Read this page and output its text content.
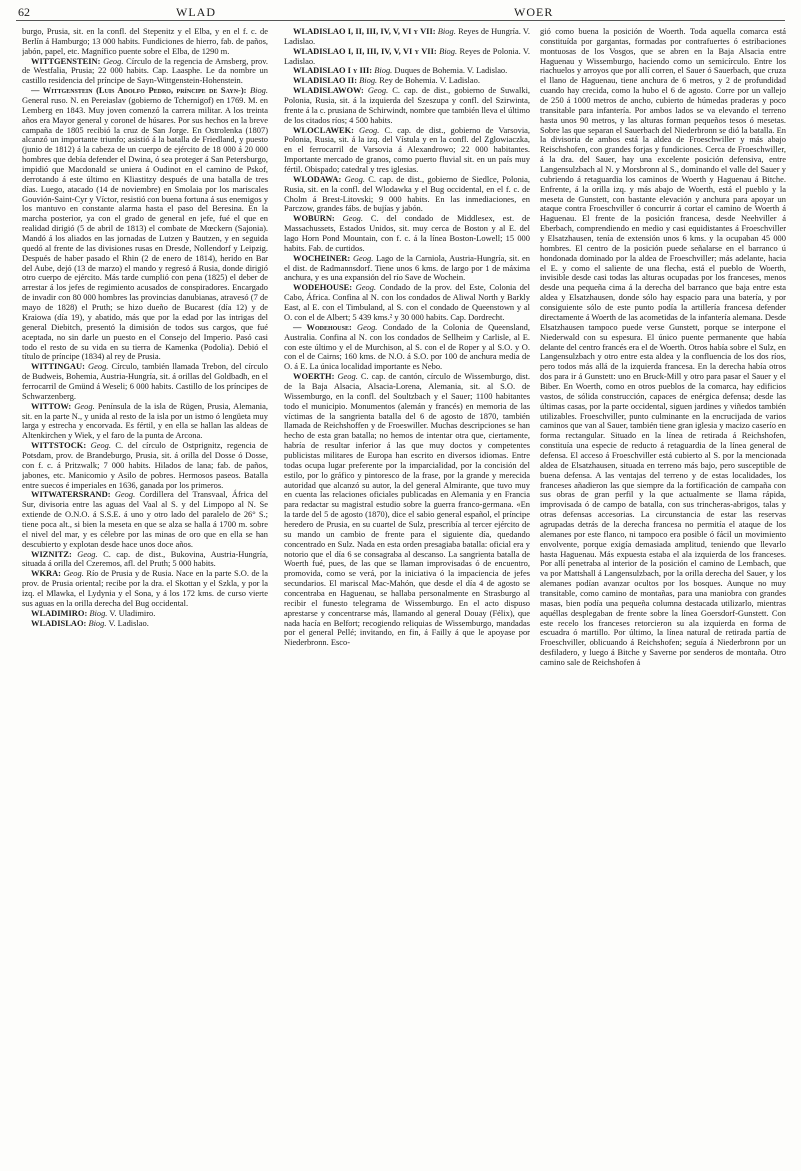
62	WLAD	WOER

burgo, Prusia, sit. en la confl. del Stepenitz y el Elba, y en el f. c. de Berlín á Hamburgo; 13 000 habits. Fundiciones de hierro, fab. de paños, jabón, papel, etc. Magnífico puente sobre el Elba, de 1290 m.

WITTGENSTEIN: Geog. Círculo de la regencia de Arnsberg, prov. de Westfalia, Prusia; 22 000 habits. Cap. Laasphe. Le da nombre un castillo residencia del príncipe de Sayn-Wittgenstein-Hohenstein.

— Wittgenstein (Luis Adolfo Pedro, príncipe de Sayn-): Biog. General ruso. N. en Pereiaslav (gobierno de Tchernigof) en 1769. M. en Lemberg en 1843. Muy joven comenzó la carrera militar. A los treinta años era Mayor general y coronel de húsares. Por sus hechos en la breve campaña de 1805 recibió la cruz de San Jorge. En Ostrolenka (1807) alcanzó un importante triunfo; asistió á la batalla de Friedland, y puesto (junio de 1812) á la cabeza de un cuerpo de ejército de 18 000 á 20 000 hombres que debía defender el Dwina, ó sea proteger á San Petersburgo, impidió que Macdonald se uniera á Oudinot en el camino de Pskof, derrotando á este último en Kliastitzy después de una batalla de tres días. Luego, atacado (14 de noviembre) en Smolaia por los mariscales Gouvión-Saint-Cyr y Víctor, resistió con buena fortuna á sus enemigos y los mantuvo en constante alarma hasta el paso del Beresina. En la marcha posterior, ya con el grado de general en jefe, fué el que en realidad dirigió (5 de abril de 1813) el combate de Mœckern (Sajonia). Mandó á los aliados en las jornadas de Lutzen y Bautzen, y en seguida quedó al frente de las divisiones rusas en Dresde, Nollendorf y Leipzig. Después de haber pasado el Rhin (2 de enero de 1814), herido en Bar del Aube, dejó (13 de marzo) el mando y regresó á Rusia, donde dirigió otro cuerpo de ejército. Más tarde cumplió con pena (1825) el deber de arrestar á los jefes de regimiento acusados de conspiradores. Encargado de invadir con 80 000 hombres las provincias danubianas, atravesó (7 de mayo de 1828) el Pruth; se hizo dueño de Bucarest (día 12) y de Kraiowa (día 19), y abatido, más que por la edad por las intrigas del general Diebitch, presentó la dimisión de todos sus cargos, que fué aceptada, no sin darle un puesto en el Consejo del Imperio. Pasó casi todo el resto de su vida en su tierra de Kamenka (Podolia). Debió el título de príncipe (1834) al rey de Prusia.

WITTINGAU: Geog. Círculo, también llamada Trebon, del círculo de Budweis, Bohemia, Austria-Hungría, sit. á orillas del Goldbadh, en el ferrocarril de Gmünd á Weseli; 6 000 habits. Castillo de los príncipes de Schwarzenberg.

WITTOW: Geog. Península de la isla de Rügen, Prusia, Alemania, sit. en la parte N., y unida al resto de la isla por un istmo ó lengüeta muy larga y estrecha y encorvada. Es fértil, y en ella se hallan las aldeas de Altenkirchen y Wiek, y el faro de la punta de Arcona.

WITTSTOCK: Geog. C. del círculo de Ostprignitz, regencia de Potsdam, prov. de Brandeburgo, Prusia, sit. á orilla del Dosse ó Dosse, con f. c. á Pritzwalk; 7 000 habits. Hilados de lana; fab. de paños, jabones, etc. Manicomio y Asilo de pobres. Hermosos paseos. Batalla entre suecos é imperiales en 1636, ganada por los primeros.

WITWATERSRAND: Geog. Cordillera del Transvaal, África del Sur, divisoria entre las aguas del Vaal al S. y del Limpopo al N. Se extiende de O.N.O. á S.S.E. á uno y otro lado del paralelo de 26° S.; tiene poca alt., si bien la meseta en que se alza se halla á 1700 m. sobre el nivel del mar, y es célebre por las minas de oro que en ella se han descubierto y explotan desde hace unos doce años.

WIZNITZ: Geog. C. cap. de dist., Bukovina, Austria-Hungría, situada á orilla del Czeremos, afl. del Pruth; 5 000 habits.

WKRA: Geog. Río de Prusia y de Rusia. Nace en la parte S.O. de la prov. de Prusia oriental; recibe por la dra. el Skottan y el Szkla, y por la izq. el Mlawka, el Lydynia y el Sona, y á los 172 kms. de curso vierte sus aguas en la orilla derecha del Bug occidental.

WLADIMIRO: Biog. V. Uladimiro.

WLADISLAO: Biog. V. Ladislao.

WLADISLAO I, II, III, IV, V, VI y VII: Biog. Reyes de Hungría. V. Ladislao.

WLADISLAO I, II, III, IV, V, VI y VII: Biog. Reyes de Polonia. V. Ladislao.

WLADISLAO I y III: Biog. Duques de Bohemia. V. Ladislao.

WLADISLAO II: Biog. Rey de Bohemia. V. Ladislao.

WLADISLAWOW: Geog. C. cap. de dist., gobierno de Suwalki, Polonia, Rusia, sit. á la izquierda del Szeszupa y confl. del Szirwinta, frente á la c. prusiana de Schirwindt, nombre que también lleva el último de los citados ríos; 4 500 habits.

WLOCLAWEK: Geog. C. cap. de dist., gobierno de Varsovia, Polonia, Rusia, sit. á la izq. del Vístula y en la confl. del Zglowiaczka, en el ferrocarril de Varsovia á Alexandrowo; 22 000 habitantes. Importante mercado de granos, como puerto fluvial sit. en un país muy fértil. Obispado; catedral y tres iglesias.

WLODAWA: Geog. C. cap. de dist., gobierno de Siedlce, Polonia, Rusia, sit. en la confl. del Wlodawka y el Bug occidental, en el f. c. de Cholm á Brest-Litovski; 9 000 habits. En las inmediaciones, en Parczow, grandes fábs. de bujías y jabón.

WOBURN: Geog. C. del condado de Middlesex, est. de Massachussets, Estados Unidos, sit. muy cerca de Boston y al E. del lago Horn Pond Mountain, con f. c. á la línea Boston-Lowell; 15 000 habits. Fab. de curtidos.

WOCHEINER: Geog. Lago de la Carniola, Austria-Hungría, sit. en el dist. de Radmannsdorf. Tiene unos 6 kms. de largo por 1 de máxima anchura, y es una expansión del río Save de Wochein.

WODEHOUSE: Geog. Condado de la prov. del Este, Colonia del Cabo, África. Confina al N. con los condados de Aliwal North y Barkly East, al E. con el Timbuland, al S. con el condado de Queenstown y al O. con el de Albert; 5 439 kms.² y 30 000 habits. Cap. Dordrecht.

— Wodehouse: Geog. Condado de la Colonia de Queensland, Australia. Confina al N. con los condados de Sellheim y Carlisle, al E. con este último y el de Murchison, al S. con el de Roper y al S.O. y O. con el de Cairns; 160 kms. de N.O. á S.O. por 100 de anchura media de O. á E. La única localidad importante es Nebo.

WOERTH: Geog. C. cap. de cantón, círculo de Wissemburgo, dist. de la Baja Alsacia, Alsacia-Lorena, Alemania, sit. al S.O. de Wissemburgo, en la confl. del Soultzbach y el Sauer; 1100 habitantes todo el municipio. Monumentos (alemán y francés) en memoria de las víctimas de la sangrienta batalla del 6 de agosto de 1870, también llamada de Reichshoffen y de Froeswiller. Muchas descripciones se han hecho de esta gran batalla; no hemos de intentar otra que, ciertamente, habría de resultar inferior á las que muy doctos y competentes publicistas militares de Europa han escrito en diversos idiomas. Entre todas ocupa lugar preferente por la imparcialidad, por la concisión del estilo, por lo gráfico y pintoresco de la frase, por la grande y merecida autoridad que alcanzó su autor, la del general Almirante, que tuvo muy en cuenta las relaciones oficiales publicadas en Alemania y en Francia para redactar su magistral estudio sobre la guerra franco-germana. «En la tarde del 5 de agosto (1870), dice el sabio general español, el príncipe heredero de Prusia, en su cuartel de Sulz, prescribía al tercer ejército de su mando un cambio de frente para el siguiente día, quedando concentrado en Sulz. Nada en esta orden presagiaba batalla: oficial era y notorio que el día 6 se consagraba al descanso. La sangrienta batalla de Woerth fué, pues, de las que se llaman improvisadas ó de encuentro, promovida, como se verá, por la iniciativa ó la impaciencia de jefes secundarios. El mariscal Mac-Mahón, que desde el día 4 de agosto se concentraba en Haguenau, se hallaba personalmente en Strasburgo al recibir el funesto telegrama de Wissemburgo. En el acto dispuso aprestarse y concentrarse más, llamando al general Douay (Félix), que nada hacía en Belfort; recogiendo reliquias de Wissemburgo, mandadas por el general Pellé; invitando, en fin, á Failly á que le apoyase por Niederbronn. Esco-

gió como buena la posición de Woerth. Toda aquella comarca está constituída por gargantas, formadas por contrafuertes ó estribaciones montuosas de los Vosgos, que se abren en la Baja Alsacia entre Haguenau y Wissemburgo, haciendo como un semicírculo. Entre los riachuelos y arroyos que por allí corren, el Sauer ó Sauerbach, que cruza el llano de Haguenau, tiene anchura de 6 metros, y 2 de profundidad cuando hay crecida, como la hubo el 6 de agosto. Corre por un vallejo de 250 á 1000 metros de ancho, cubierto de húmedas praderas y poco transitable para infantería. Por ambos lados se va elevando el terreno hasta unos 90 metros, y las alturas forman pequeños tesos ó mesetas. Sobre las que separan el Sauerbach del Niederbronn se dió la batalla. En la divisoria de ambos está la aldea de Froeschwiller y más abajo Reischshofen, con grandes forjas y fundiciones. Cerca de Froeschwiller, á la dra. del Sauer, hay una excelente posición defensiva, entre Langensulzbach al N. y Morsbronn al S., dominando el valle del Sauer y cubriendo á retaguardia los caminos de Woerth y Haguenau á Bitche. Enfrente, á la orilla izq. y más abajo de Woerth, está el pueblo y la meseta de Gunstett, con bastante elevación y anchura para apoyar un ataque contra Froeschviller ó concurrir á cortar el camino de Woerth á Haguenau. El frente de la posición francesa, desde Neehviller á Eberbach, comprendiendo en medio y casi equidistantes á Froeschviller y Elsatzhausen, tenía de extensión unos 6 kms. y la ocupaban 45 000 hombres. El centro de la posición puede señalarse en el barranco ú hondonada dominado por la aldea de Froeschviller; más adelante, hacia el E. y como el saliente de una flecha, está el pueblo de Woerth, invisible desde casi todas las alturas ocupadas por los franceses, menos desde una pequeña cima á la derecha del barranco que baja entre esta aldea y Elsatzhausen, donde sólo hay espacio para una batería, y por consiguiente sólo de este punto podía la artillería francesa defender directamente á Woerth de las acometidas de la infantería alemana. Desde Elsatzhausen tampoco puede verse Gunstett, porque se interpone el Niederwald con su espesura. El único puente permanente que había delante del centro francés era el de Woerth. Otros había sobre el Sulz, en Langensulzbach y otro entre esta aldea y la confluencia de los dos ríos, pero todos más allá de la izquierda francesa. En la derecha había otros dos para ir á Gunstett: uno en Bruck-Mill y otro para pasar el Sauer y el Biber. En Woerth, como en otros pueblos de la comarca, hay edificios vastos, de sólida construcción, capaces de enérgica defensa; desde las últimas casas, por la parte occidental, siguen jardines y viñedos también utilizables. Froeschviller, punto culminante en la encrucijada de varios caminos que van al Sauer, también tiene gran iglesia y macizo caserío en forma rectangular. Situado en la línea de retirada á Reichshofen, constituía una especie de reducto á retaguardia de la línea general de defensa. El acceso á Froeschviller está cubierto al S. por la mencionada aldea de Elsatzhausen, situada en terreno más bajo, pero susceptible de buena defensa. A las ventajas del terreno y de estas localidades, los franceses añadieron las que siempre da la fortificación de campaña con sus obras de gran perfil y la que actualmente se llama rápida, improvisada ó de campo de batalla, con sus trincheras-abrigos, talas y otras defensas accesorias. La circunstancia de estar las reservas agrupadas detrás de la derecha francesa no permitía el ataque de los alemanes por este flanco, ni tampoco era posible ó fácil un movimiento envolvente, porque exigía demasiada amplitud, teniendo que llevarlo hasta Haguenau. Más expuesta estaba el ala izquierda de los franceses. Por allí penetraba al interior de la posición el camino de Lembach, que va por Mattshall á Langensulzbach, por la orilla derecha del Sauer, y los alemanes podían avanzar ocultos por los bosques. Aunque no muy transitable, como camino de montañas, para una maniobra con grandes masas, bien podía una pequeña columna destacada utilizarlo, mientras aquéllas desplegaban de frente sobre la línea Goersdorf-Gunstett. Con este recelo los franceses retorcieron su ala izquierda en forma de escuadra ó martillo. Por último, la línea natural de retirada partía de Froeschviller, oblicuando á Reichshofen; seguía á Niederbronn por un desfiladero, y luego á Bitche y Saverne por senderos de montaña. Otro camino sale de Reichshofen á
